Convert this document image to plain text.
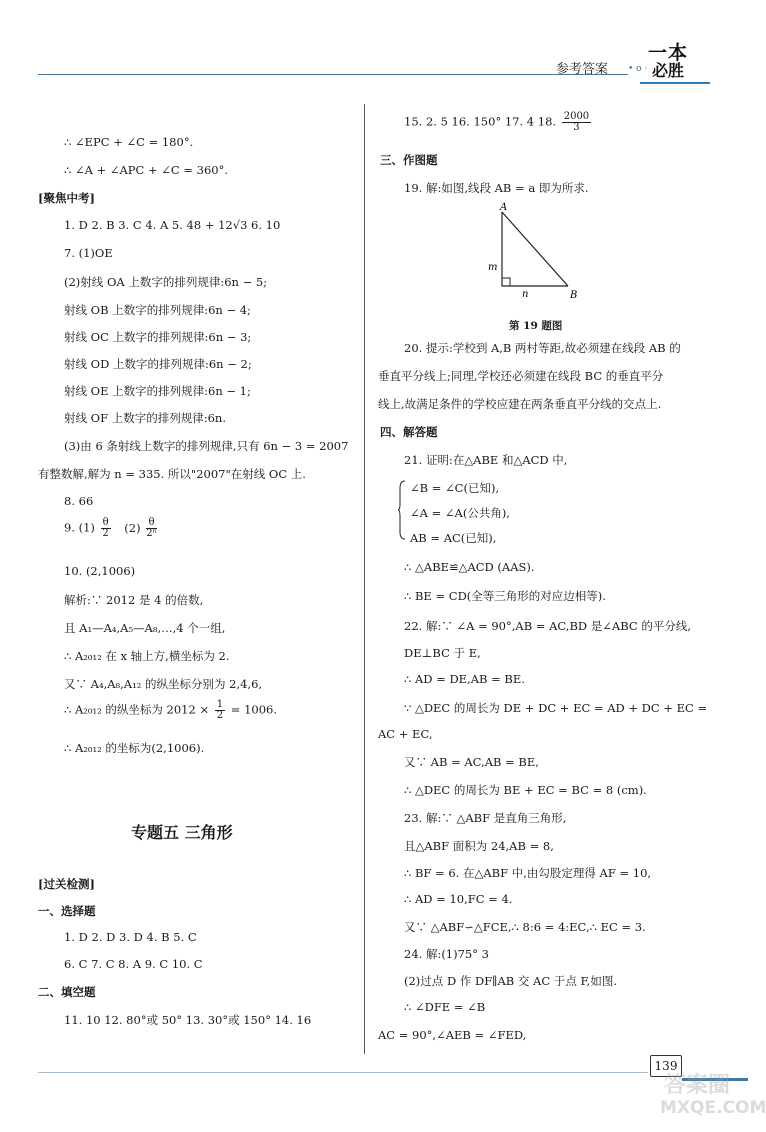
参考答案 • o ·
一本
必胜
∴ ∠EPC + ∠C = 180°.
∴ ∠A + ∠APC + ∠C = 360°.
[聚焦中考]
1. D 2. B 3. C 4. A 5. 48 + 12√3 6. 10
7. (1)OE
(2)射线 OA 上数字的排列规律:6n − 5;
射线 OB 上数字的排列规律:6n − 4;
射线 OC 上数字的排列规律:6n − 3;
射线 OD 上数字的排列规律:6n − 2;
射线 OE 上数字的排列规律:6n − 1;
射线 OF 上数字的排列规律:6n.
(3)由 6 条射线上数字的排列规律,只有 6n − 3 = 2007
有整数解,解为 n = 335. 所以"2007"在射线 OC 上.
8. 66
9. $(1) \frac{\theta}{2} (2) \frac{\theta}{\text{2ⁿ}}$
10. (2,1006)
解析:∵ 2012 是 4 的倍数,
且 A₁—A₄,A₅—A₈,…,4 个一组,
∴ A₂₀₁₂ 在 x 轴上方,横坐标为 2.
又∵ A₄,A₈,A₁₂ 的纵坐标分别为 2,4,6,
∴ A₂₀₁₂ 的纵坐标为 $2012 \times \frac{1}{2} = 1006$.
∴ A₂₀₁₂ 的坐标为(2,1006).
专题五 三角形
[过关检测]
一、选择题
1. D 2. D 3. D 4. B 5. C
6. C 7. C 8. A 9. C 10. C
二、填空题
11. 10 12. 80°或 50° 13. 30°或 150° 14. 16
15. 2. 5 16. 150° 17. 4 18. $\frac{2000}{3}$
三、作图题
19. 解:如图,线段 AB = a 即为所求.
A
B
m
n
第 19 题图
20. 提示:学校到 A,B 两村等距,故必须建在线段 AB 的
垂直平分线上;同理,学校还必须建在线段 BC 的垂直平分
线上,故满足条件的学校应建在两条垂直平分线的交点上.
四、解答题
21. 证明:在△ABE 和△ACD 中,
∠B = ∠C(已知),
∠A = ∠A(公共角),
AB = AC(已知),
∴ △ABE≌△ACD (AAS).
∴ BE = CD(全等三角形的对应边相等).
22. 解:∵ ∠A = 90°,AB = AC,BD 是∠ABC 的平分线,
DE⊥BC 于 E,
∴ AD = DE,AB = BE.
∵ △DEC 的周长为 DE + DC + EC = AD + DC + EC =
AC + EC,
又∵ AB = AC,AB = BE,
∴ △DEC 的周长为 BE + EC = BC = 8 (cm).
23. 解:∵ △ABF 是直角三角形,
且△ABF 面积为 24,AB = 8,
∴ BF = 6. 在△ABF 中,由勾股定理得 AF = 10,
∴ AD = 10,FC = 4.
又∵ △ABF∽△FCE,∴ 8:6 = 4:EC,∴ EC = 3.
24. 解:(1)75° 3
(2)过点 D 作 DF∥AB 交 AC 于点 F,如图.
∴ ∠DFE = ∠B
AC = 90°,∠AEB = ∠FED,
139
答案圈
MXQE.COM
